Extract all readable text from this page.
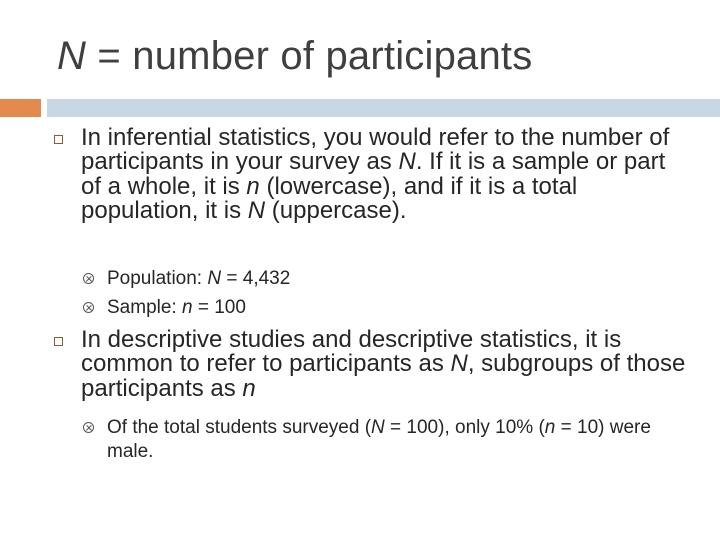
N = number of participants

In inferential statistics, you would refer to the number of participants in your survey as N. If it is a sample or part of a whole, it is n (lowercase), and if it is a total population, it is N (uppercase).

Population: N = 4,432

Sample: n = 100

In descriptive studies and descriptive statistics, it is common to refer to participants as N, subgroups of those participants as n

Of the total students surveyed (N = 100), only 10% (n = 10) were male.
